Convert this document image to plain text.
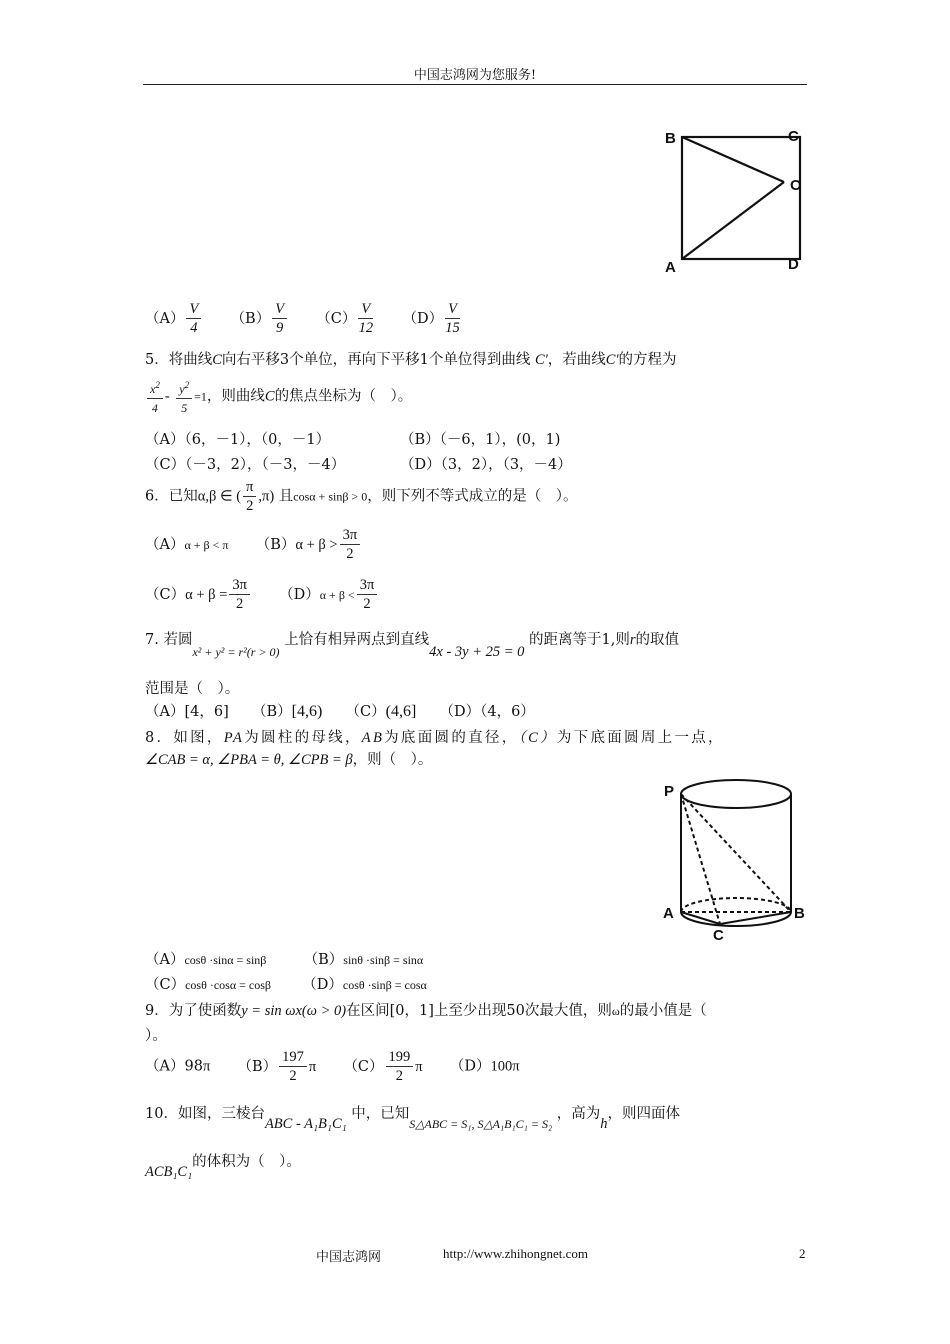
中国志鸿网为您服务!
B	C
O
A	D
$(A) \frac{V}{4} (B) \frac{V}{9} (C) \frac{V}{12} (D) \frac{V}{15}$
5．将曲线C向右平移3个单位，再向下平移1个单位得到曲线 C'，若曲线C'的方程为
$\frac{x^2}{4} - \frac{y^2}{5} =1$，则曲线C的焦点坐标为（　）。
（A）（6，－1），（0，－1）	（B）（－6，1），(0，1)
（C）（－3，2），（－3，－4）	（D）（3，2），（3，－4）
6．已知α,β ∈ ( $\frac{\pi}{2} ,\pi$) 且cosα + sinβ > 0，则下列不等式成立的是（　）。
（A）α + β < π $(B)\alpha + \beta > \frac{3\pi}{2}$
$(C)\alpha + \beta = \frac{3\pi}{2} (D)\alpha + \beta < \frac{3\pi}{2}$
7. 若圆$_{x^2 + y^2 = r^2(r > 0)}$ 上恰有相异两点到直线4x - 3y + 25 = 0 的距离等于1,则r的取值
范围是（　）。
（A）[4，6] （B）[4,6) （C）(4,6] （D）（4，6）
8．如图，PA为圆柱的母线，AB为底面圆的直径，（C）为下底面圆周上一点，
∠CAB = α, ∠PBA = θ, ∠CPB = β，则（　）。
P
A	B
C
（A）cosθ ·sinα = sinβ	（B）sinθ ·sinβ = sinα
（C）cosθ ·cosα = cosβ （D）cosθ ·sinβ = cosα
9．为了使函数y = sin ωx(ω > 0)在区间[0，1]上至少出现50次最大值，则ω的最小值是（
）。
（A）98π $(B) \frac{197}{2}$ π $(C) \frac{199}{2}$ π （D）100π
10．如图，三棱台ABC - A₁B₁C₁ 中，已知$_{S\triangle ABC = S_1, S\triangle A_1B_1C_1 = S_2}$ ，高为h，则四面体
ACB₁C₁的体积为（　）。
中国志鸿网	http://www.zhihongnet.com	2
